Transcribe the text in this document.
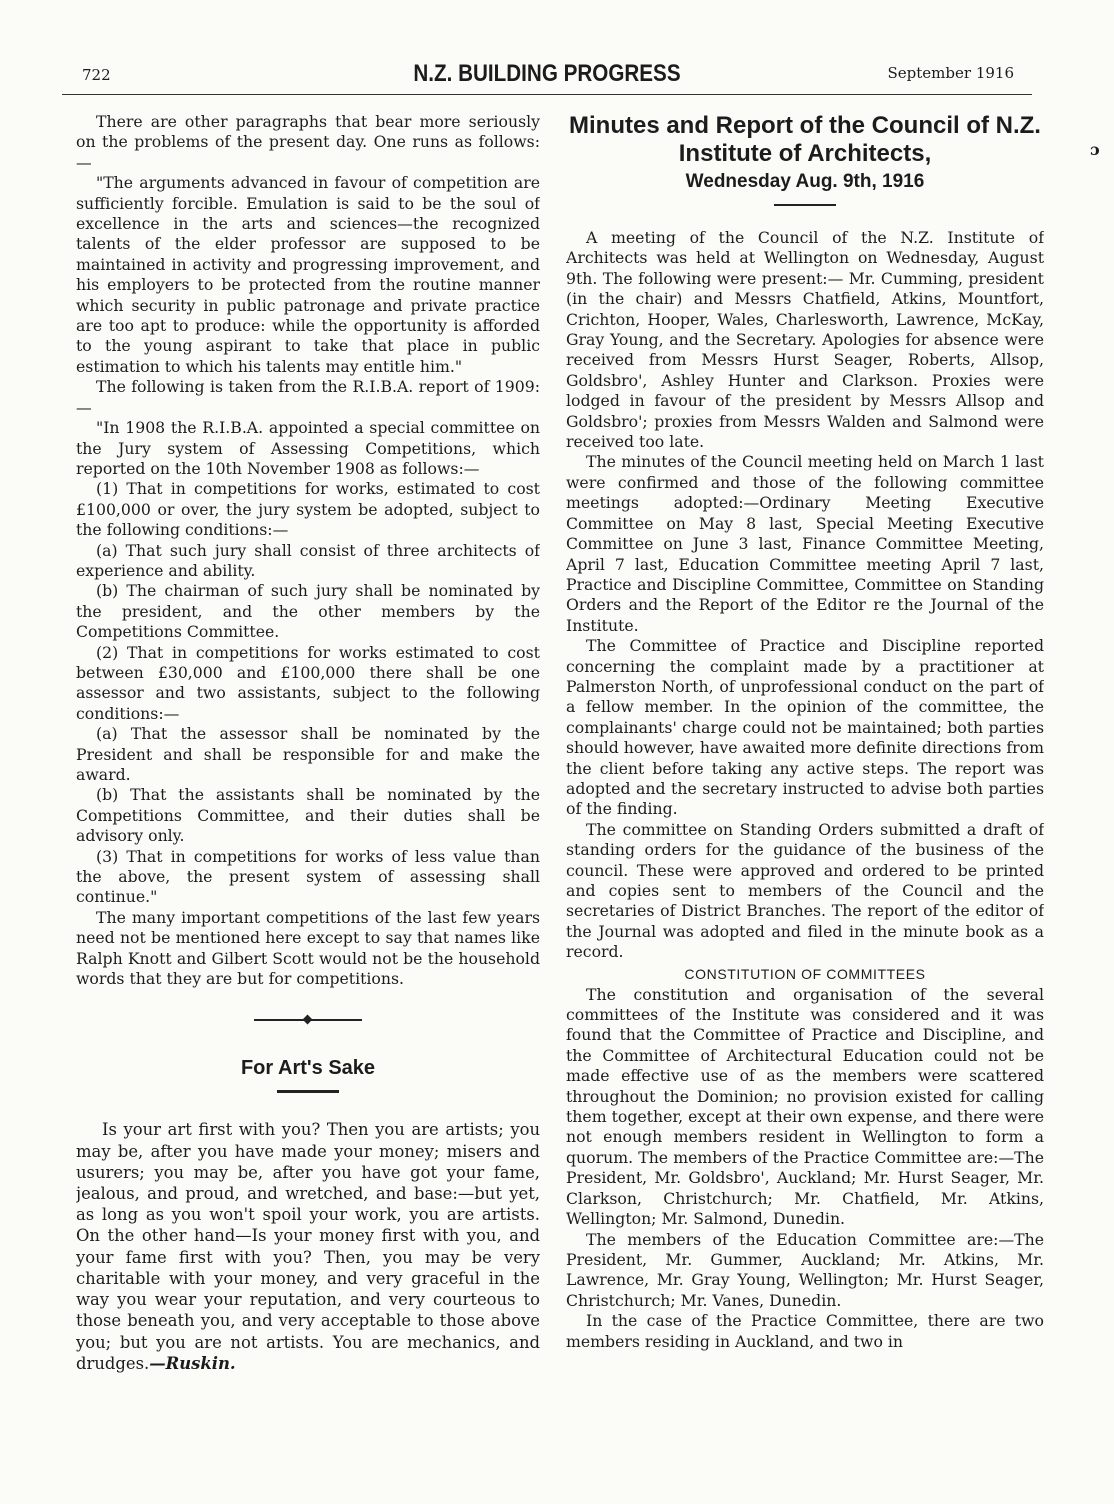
722	N.Z. BUILDING PROGRESS	September 1916
ɔ

There are other paragraphs that bear more seriously on the problems of the present day. One runs as follows:—

"The arguments advanced in favour of competition are sufficiently forcible. Emulation is said to be the soul of excellence in the arts and sciences—the recognized talents of the elder professor are supposed to be maintained in activity and progressing improvement, and his employers to be protected from the routine manner which security in public patronage and private practice are too apt to produce: while the opportunity is afforded to the young aspirant to take that place in public estimation to which his talents may entitle him."

The following is taken from the R.I.B.A. report of 1909:—

"In 1908 the R.I.B.A. appointed a special committee on the Jury system of Assessing Competitions, which reported on the 10th November 1908 as follows:—

(1) That in competitions for works, estimated to cost £100,000 or over, the jury system be adopted, subject to the following conditions:—

(a) That such jury shall consist of three architects of experience and ability.

(b) The chairman of such jury shall be nominated by the president, and the other members by the Competitions Committee.

(2) That in competitions for works estimated to cost between £30,000 and £100,000 there shall be one assessor and two assistants, subject to the following conditions:—

(a) That the assessor shall be nominated by the President and shall be responsible for and make the award.

(b) That the assistants shall be nominated by the Competitions Committee, and their duties shall be advisory only.

(3) That in competitions for works of less value than the above, the present system of assessing shall continue."

The many important competitions of the last few years need not be mentioned here except to say that names like Ralph Knott and Gilbert Scott would not be the household words that they are but for competitions.

For Art's Sake

Is your art first with you? Then you are artists; you may be, after you have made your money; misers and usurers; you may be, after you have got your fame, jealous, and proud, and wretched, and base:—but yet, as long as you won't spoil your work, you are artists. On the other hand—Is your money first with you, and your fame first with you? Then, you may be very charitable with your money, and very graceful in the way you wear your reputation, and very courteous to those beneath you, and very acceptable to those above you; but you are not artists. You are mechanics, and drudges.—Ruskin.

Minutes and Report of the Council of N.Z. Institute of Architects,
Wednesday Aug. 9th, 1916

A meeting of the Council of the N.Z. Institute of Architects was held at Wellington on Wednesday, August 9th. The following were present:— Mr. Cumming, president (in the chair) and Messrs Chatfield, Atkins, Mountfort, Crichton, Hooper, Wales, Charlesworth, Lawrence, McKay, Gray Young, and the Secretary. Apologies for absence were received from Messrs Hurst Seager, Roberts, Allsop, Goldsbro', Ashley Hunter and Clarkson. Proxies were lodged in favour of the president by Messrs Allsop and Goldsbro'; proxies from Messrs Walden and Salmond were received too late.

The minutes of the Council meeting held on March 1 last were confirmed and those of the following committee meetings adopted:—Ordinary Meeting Executive Committee on May 8 last, Special Meeting Executive Committee on June 3 last, Finance Committee Meeting, April 7 last, Education Committee meeting April 7 last, Practice and Discipline Committee, Committee on Standing Orders and the Report of the Editor re the Journal of the Institute.

The Committee of Practice and Discipline reported concerning the complaint made by a practitioner at Palmerston North, of unprofessional conduct on the part of a fellow member. In the opinion of the committee, the complainants' charge could not be maintained; both parties should however, have awaited more definite directions from the client before taking any active steps. The report was adopted and the secretary instructed to advise both parties of the finding.

The committee on Standing Orders submitted a draft of standing orders for the guidance of the business of the council. These were approved and ordered to be printed and copies sent to members of the Council and the secretaries of District Branches. The report of the editor of the Journal was adopted and filed in the minute book as a record.

CONSTITUTION OF COMMITTEES

The constitution and organisation of the several committees of the Institute was considered and it was found that the Committee of Practice and Discipline, and the Committee of Architectural Education could not be made effective use of as the members were scattered throughout the Dominion; no provision existed for calling them together, except at their own expense, and there were not enough members resident in Wellington to form a quorum. The members of the Practice Committee are:—The President, Mr. Goldsbro', Auckland; Mr. Hurst Seager, Mr. Clarkson, Christchurch; Mr. Chatfield, Mr. Atkins, Wellington; Mr. Salmond, Dunedin.

The members of the Education Committee are:—The President, Mr. Gummer, Auckland; Mr. Atkins, Mr. Lawrence, Mr. Gray Young, Wellington; Mr. Hurst Seager, Christchurch; Mr. Vanes, Dunedin.

In the case of the Practice Committee, there are two members residing in Auckland, and two in
